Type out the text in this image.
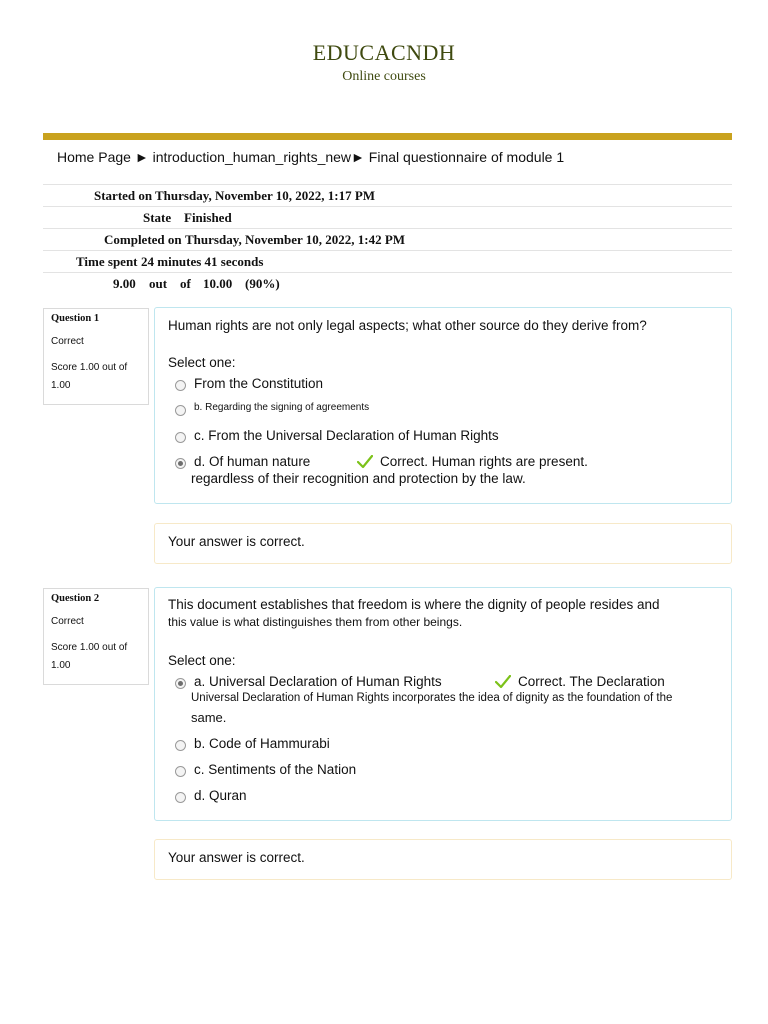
EDUCACNDH
Online courses
Home Page ► introduction_human_rights_new► Final questionnaire of module 1
Started on Thursday, November 10, 2022, 1:17 PM
State Finished
Completed on Thursday, November 10, 2022, 1:42 PM
Time spent 24 minutes 41 seconds
9.00 out of 10.00 (90%)
Question 1
Correct
Score 1.00 out of 1.00
Human rights are not only legal aspects; what other source do they derive from?
Select one:
From the Constitution
b. Regarding the signing of agreements
c. From the Universal Declaration of Human Rights
d. Of human nature	Correct. Human rights are present.
regardless of their recognition and protection by the law.
Your answer is correct.
Question 2
Correct
Score 1.00 out of 1.00
This document establishes that freedom is where the dignity of people resides and
this value is what distinguishes them from other beings.
Select one:
a. Universal Declaration of Human Rights	Correct. The Declaration
Universal Declaration of Human Rights incorporates the idea of dignity as the foundation of the
same.
b. Code of Hammurabi
c. Sentiments of the Nation
d. Quran
Your answer is correct.
